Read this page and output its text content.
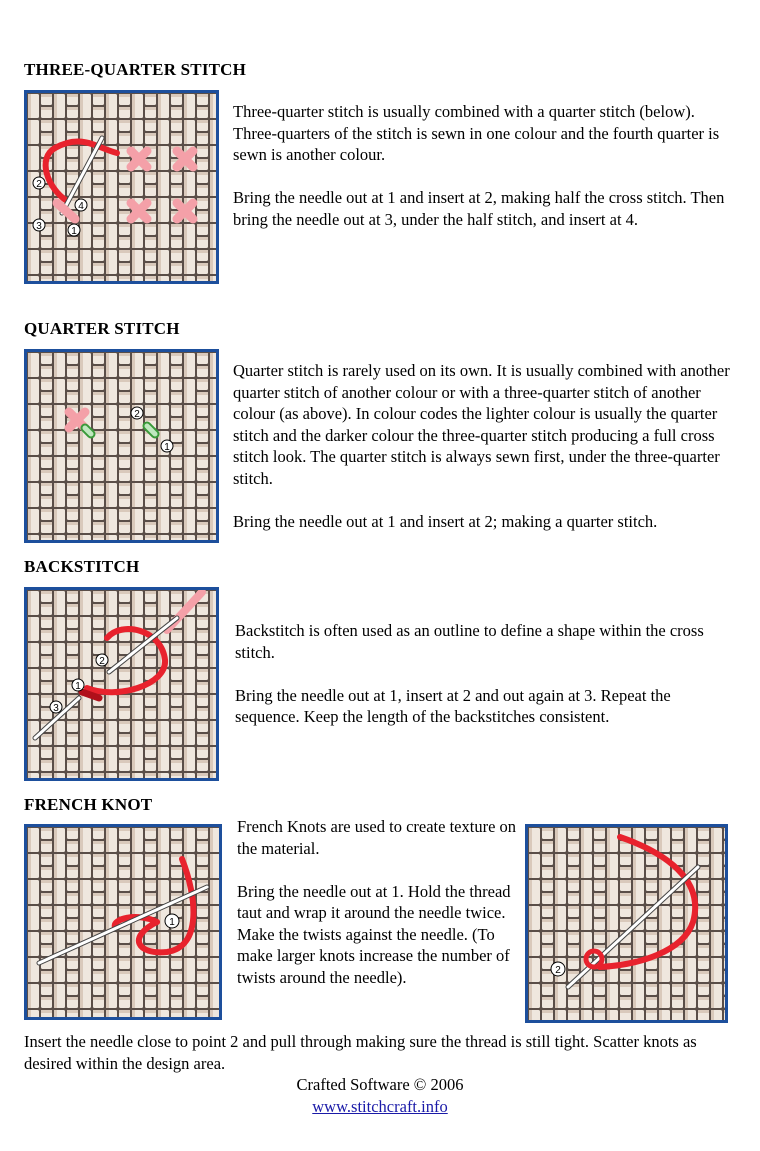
THREE-QUARTER STITCH
2
3	1
4

Three-quarter stitch is usually combined with a quarter stitch (below). Three-quarters of the stitch is sewn in one colour and the fourth quarter is sewn is another colour.

Bring the needle out at 1 and insert at 2, making half the cross stitch. Then bring the needle out at 3, under the half stitch, and insert at 4.

QUARTER STITCH
2
1

Quarter stitch is rarely used on its own. It is usually combined with another quarter stitch of another colour or with a three-quarter stitch of another colour (as above). In colour codes the lighter colour is usually the quarter stitch and the darker colour the three-quarter stitch producing a full cross stitch look. The quarter stitch is always sewn first, under the three-quarter stitch.

Bring the needle out at 1 and insert at 2; making a quarter stitch.

BACKSTITCH
2
1
3

Backstitch is often used as an outline to define a shape within the cross stitch.

Bring the needle out at 1, insert at 2 and out again at 3. Repeat the sequence. Keep the length of the backstitches consistent.

FRENCH KNOT
1

French Knots are used to create texture on the material.

Bring the needle out at 1. Hold the thread taut and wrap it around the needle twice. Make the twists against the needle. (To make larger knots increase the number of twists around the needle).	2

Insert the needle close to point 2 and pull through making sure the thread is still tight. Scatter knots as desired within the design area.

Crafted Software © 2006
www.stitchcraft.info
